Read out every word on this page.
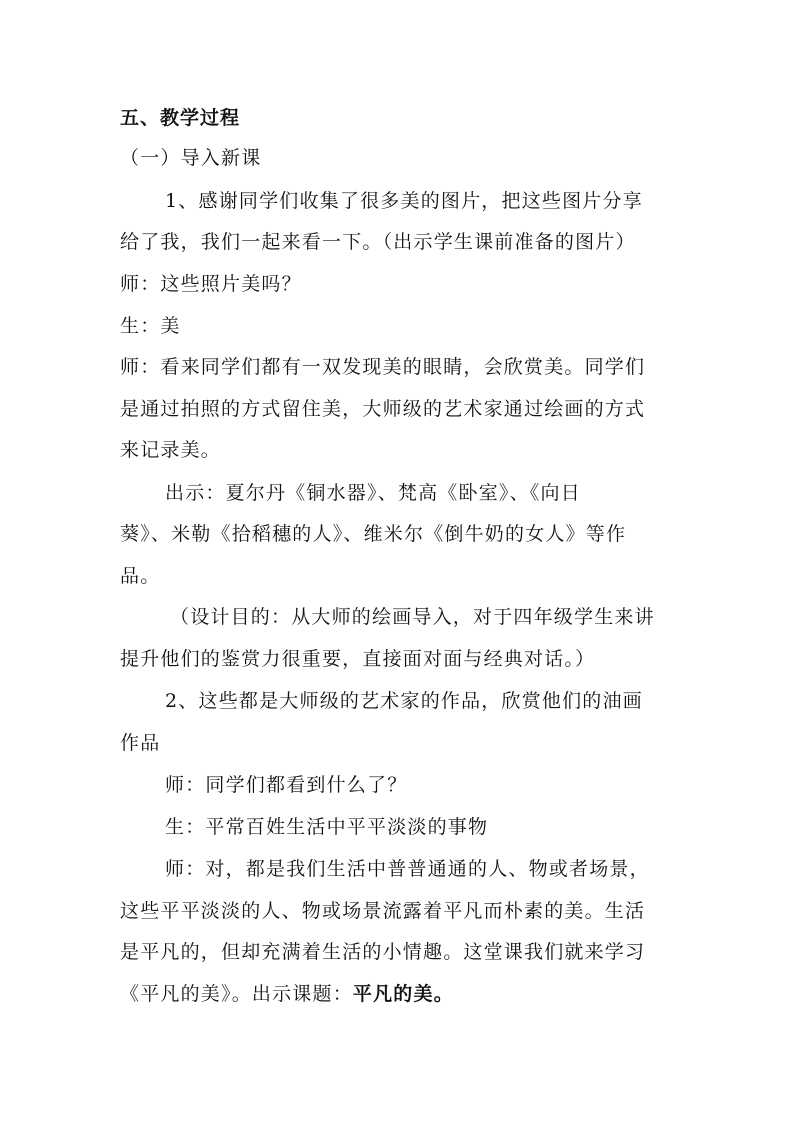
五、教学过程
（一）导入新课
1、感谢同学们收集了很多美的图片，把这些图片分享
给了我，我们一起来看一下。（出示学生课前准备的图片）
师：这些照片美吗？
生：美
师：看来同学们都有一双发现美的眼睛，会欣赏美。同学们
是通过拍照的方式留住美，大师级的艺术家通过绘画的方式
来记录美。
出示：夏尔丹《铜水器》、梵高《卧室》、《向日
葵》、米勒《拾稻穗的人》、维米尔《倒牛奶的女人》等作
品。
（设计目的：从大师的绘画导入，对于四年级学生来讲
提升他们的鉴赏力很重要，直接面对面与经典对话。）
2、这些都是大师级的艺术家的作品，欣赏他们的油画
作品
师：同学们都看到什么了？
生：平常百姓生活中平平淡淡的事物
师：对，都是我们生活中普普通通的人、物或者场景，
这些平平淡淡的人、物或场景流露着平凡而朴素的美。生活
是平凡的，但却充满着生活的小情趣。这堂课我们就来学习
《平凡的美》。出示课题：平凡的美。
